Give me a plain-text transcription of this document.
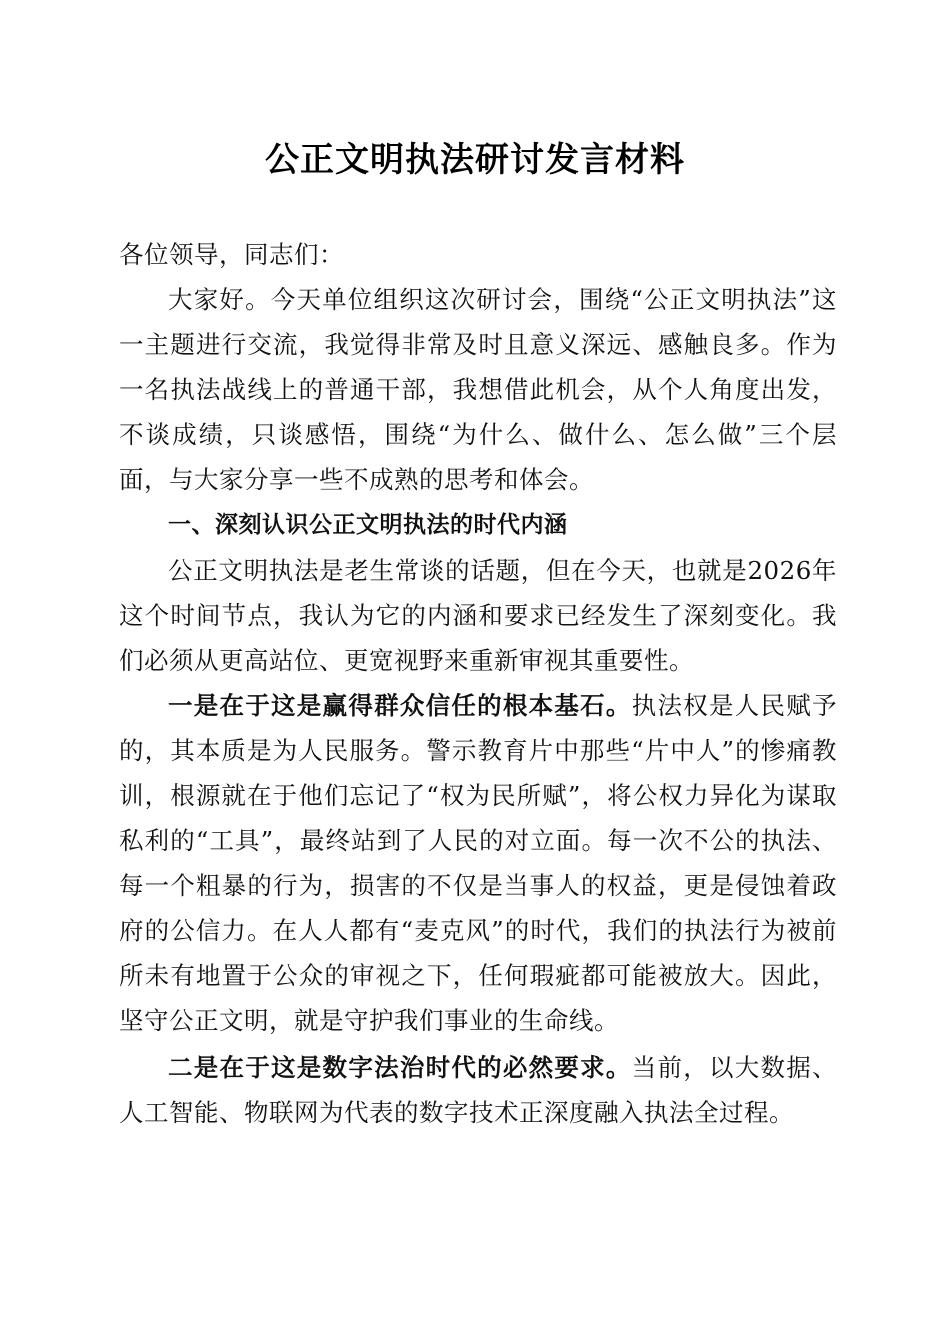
公正文明执法研讨发言材料

各位领导，同志们：

大家好。今天单位组织这次研讨会，围绕“公正文明执法”这一主题进行交流，我觉得非常及时且意义深远、感触良多。作为一名执法战线上的普通干部，我想借此机会，从个人角度出发，不谈成绩，只谈感悟，围绕“为什么、做什么、怎么做”三个层面，与大家分享一些不成熟的思考和体会。

一、深刻认识公正文明执法的时代内涵

公正文明执法是老生常谈的话题，但在今天，也就是2026年这个时间节点，我认为它的内涵和要求已经发生了深刻变化。我们必须从更高站位、更宽视野来重新审视其重要性。

一是在于这是赢得群众信任的根本基石。执法权是人民赋予的，其本质是为人民服务。警示教育片中那些“片中人”的惨痛教训，根源就在于他们忘记了“权为民所赋”，将公权力异化为谋取私利的“工具”，最终站到了人民的对立面。每一次不公的执法、每一个粗暴的行为，损害的不仅是当事人的权益，更是侵蚀着政府的公信力。在人人都有“麦克风”的时代，我们的执法行为被前所未有地置于公众的审视之下，任何瑕疵都可能被放大。因此，坚守公正文明，就是守护我们事业的生命线。

二是在于这是数字法治时代的必然要求。当前，以大数据、人工智能、物联网为代表的数字技术正深度融入执法全过程。
